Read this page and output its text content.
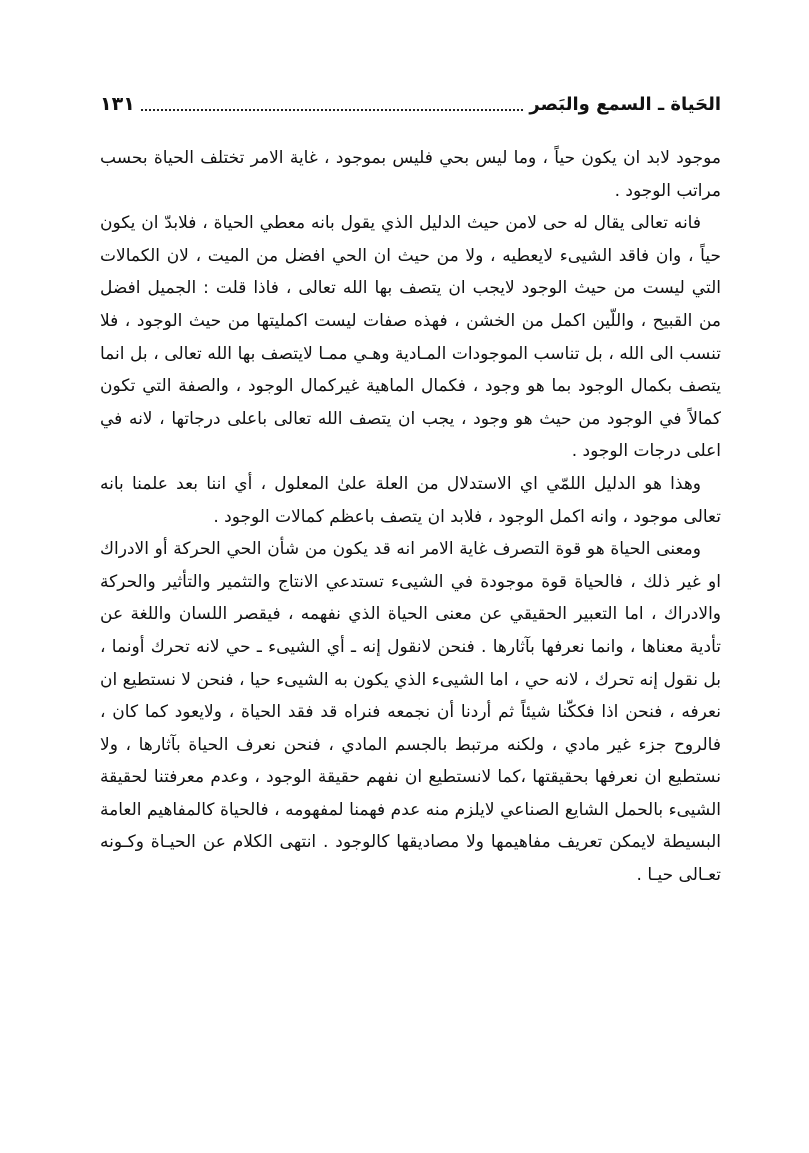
الحَياة ـ السمع والبَصر
١٣١

موجود لابد ان يكون حياً ، وما ليس بحي فليس بموجود ، غاية الامر تختلف الحياة بحسب مراتب الوجود .

فانه تعالى يقال له حى لامن حيث الدليل الذي يقول بانه معطي الحياة ، فلابدّ ان يكون حياً ، وان فاقد الشيىء لايعطيه ، ولا من حيث ان الحي افضل من الميت ، لان الكمالات التي ليست من حيث الوجود لايجب ان يتصف بها الله تعالى ، فاذا قلت : الجميل افضل من القبيح ، واللّين اكمل من الخشن ، فهذه صفات ليست اكمليتها من حيث الوجود ، فلا تنسب الى الله ، بل تناسب الموجودات المـادية وهـي ممـا لايتصف بها الله تعالى ، بل انما يتصف بكمال الوجود بما هو وجود ، فكمال الماهية غيركمال الوجود ، والصفة التي تكون كمالاً في الوجود من حيث هو وجود ، يجب ان يتصف الله تعالى باعلى درجاتها ، لانه في اعلى درجات الوجود .

وهذا هو الدليل اللمّي اي الاستدلال من العلة علىٰ المعلول ، أي اننا بعد علمنا بانه تعالى موجود ، وانه اكمل الوجود ، فلابد ان يتصف باعظم كمالات الوجود .

ومعنى الحياة هو قوة التصرف غاية الامر انه قد يكون من شأن الحي الحركة أو الادراك او غير ذلك ، فالحياة قوة موجودة في الشيىء تستدعي الانتاج والتثمير والتأثير والحركة والادراك ، اما التعبير الحقيقي عن معنى الحياة الذي نفهمه ، فيقصر اللسان واللغة عن تأدية معناها ، وانما نعرفها بآثارها . فنحن لانقول إنه ـ أي الشيىء ـ حي لانه تحرك أونما ، بل نقول إنه تحرك ، لانه حي ، اما الشيىء الذي يكون به الشيىء حيا ، فنحن لا نستطيع ان نعرفه ، فنحن اذا فككّنا شيئاً ثم أردنا أن نجمعه فنراه قد فقد الحياة ، ولايعود كما كان ، فالروح جزء غير مادي ، ولكنه مرتبط بالجسم المادي ، فنحن نعرف الحياة بآثارها ، ولا نستطيع ان نعرفها بحقيقتها ،كما لانستطيع ان نفهم حقيقة الوجود ، وعدم معرفتنا لحقيقة الشيىء بالحمل الشايع الصناعي لايلزم منه عدم فهمنا لمفهومه ، فالحياة كالمفاهيم العامة البسيطة لايمكن تعريف مفاهيمها ولا مصاديقها كالوجود . انتهى الكلام عن الحيـاة وكـونه تعـالى حيـا .
